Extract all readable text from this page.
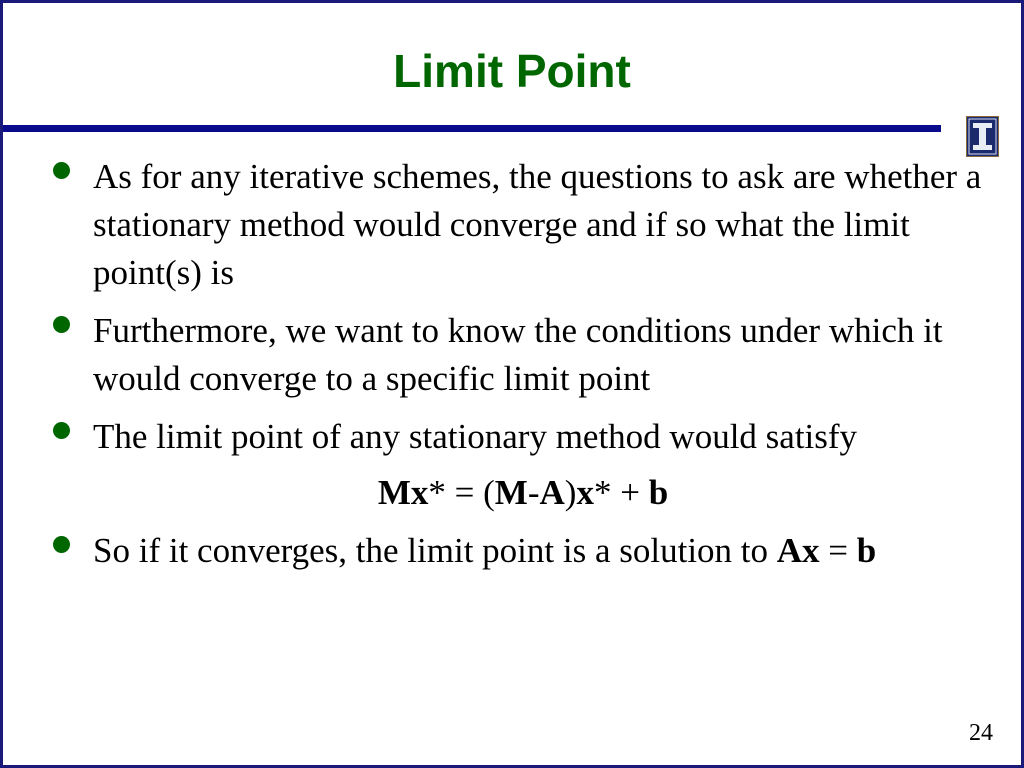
Limit Point
As for any iterative schemes, the questions to ask are whether a stationary method would converge and if so what the limit point(s) is
Furthermore, we want to know the conditions under which it would converge to a specific limit point
The limit point of any stationary method would satisfy
Mx* = (M-A)x* + b
So if it converges, the limit point is a solution to Ax = b
24
